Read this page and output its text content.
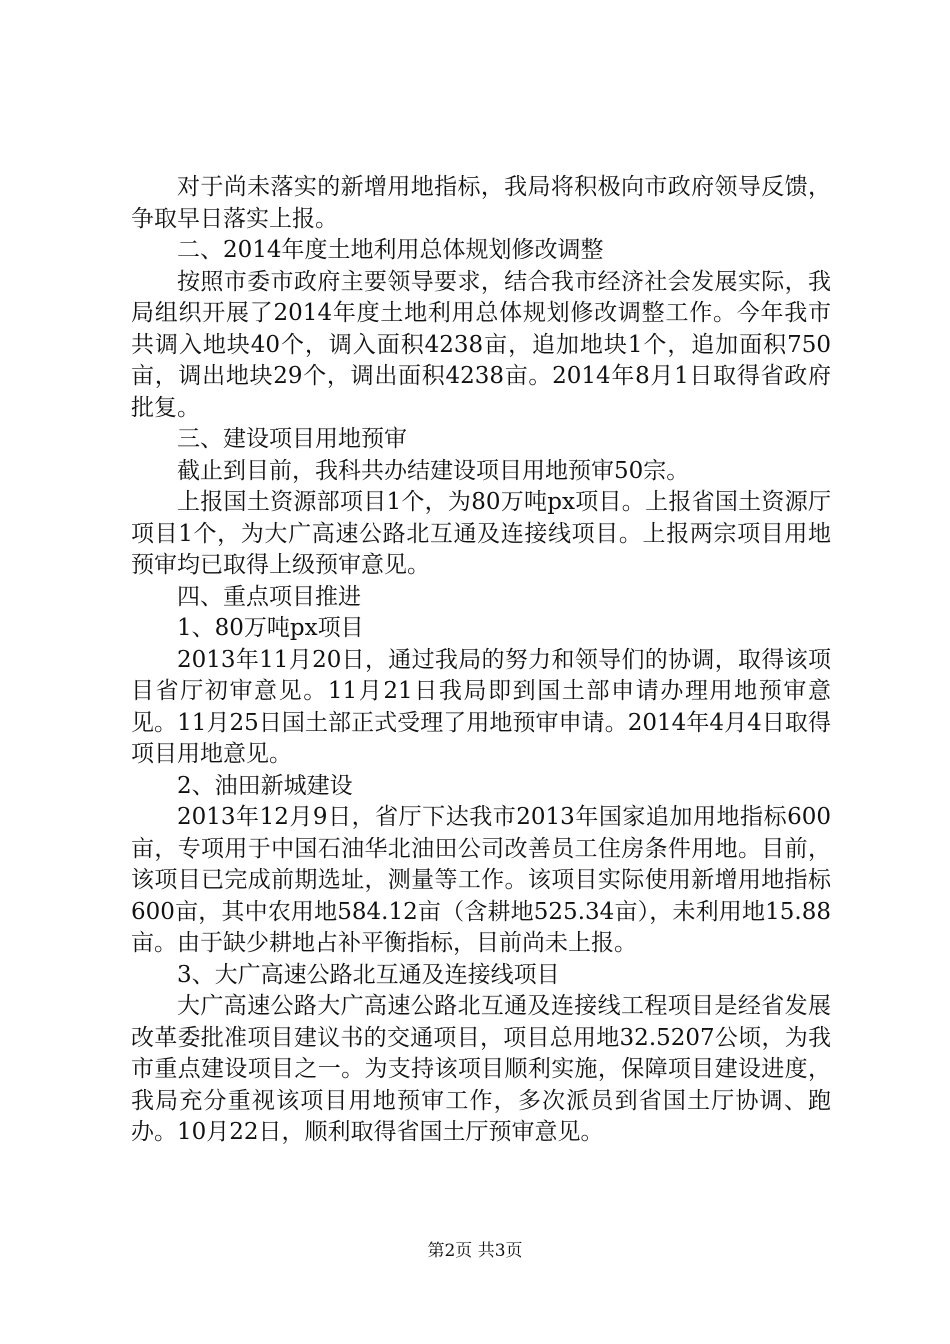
对于尚未落实的新增用地指标，我局将积极向市政府领导反馈，争取早日落实上报。

二、2014年度土地利用总体规划修改调整

按照市委市政府主要领导要求，结合我市经济社会发展实际，我局组织开展了2014年度土地利用总体规划修改调整工作。今年我市共调入地块40个，调入面积4238亩，追加地块1个，追加面积750亩，调出地块29个，调出面积4238亩。2014年8月1日取得省政府批复。

三、建设项目用地预审

截止到目前，我科共办结建设项目用地预审50宗。

上报国土资源部项目1个，为80万吨px项目。上报省国土资源厅项目1个，为大广高速公路北互通及连接线项目。上报两宗项目用地预审均已取得上级预审意见。

四、重点项目推进

1、80万吨px项目

2013年11月20日，通过我局的努力和领导们的协调，取得该项目省厅初审意见。11月21日我局即到国土部申请办理用地预审意见。11月25日国土部正式受理了用地预审申请。2014年4月4日取得项目用地意见。

2、油田新城建设

2013年12月9日，省厅下达我市2013年国家追加用地指标600亩，专项用于中国石油华北油田公司改善员工住房条件用地。目前，该项目已完成前期选址，测量等工作。该项目实际使用新增用地指标600亩，其中农用地584.12亩（含耕地525.34亩），未利用地15.88亩。由于缺少耕地占补平衡指标，目前尚未上报。

3、大广高速公路北互通及连接线项目

大广高速公路大广高速公路北互通及连接线工程项目是经省发展改革委批准项目建议书的交通项目，项目总用地32.5207公顷，为我市重点建设项目之一。为支持该项目顺利实施，保障项目建设进度，我局充分重视该项目用地预审工作，多次派员到省国土厅协调、跑办。10月22日，顺利取得省国土厅预审意见。

第2页 共3页
